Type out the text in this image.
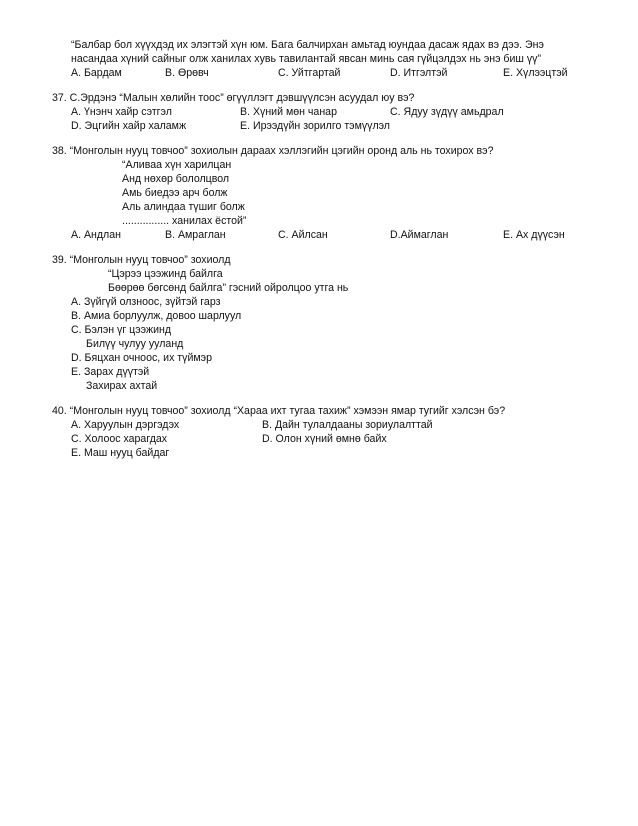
“Балбар бол хүүхдэд их элэгтэй хүн юм. Бага балчирхан амьтад юундаа дасаж ядах вэ дээ. Энэ
насандаа хүний сайныг олж ханилах хувь тавилантай явсан минь сая гүйцэлдэх нь энэ биш үү”
A. Бардам	B. Өрөвч	C. Уйтгартай	D. Итгэлтэй	E. Хүлээцтэй
37. С.Эрдэнэ “Малын хөлийн тоос” өгүүллэгт дэвшүүлсэн асуудал юу вэ?
A. Үнэнч хайр сэтгэл	B. Хүний мөн чанар	C. Ядуу зүдүү амьдрал
D. Эцгийн хайр халамж	E. Ирээдүйн зорилго тэмүүлэл
38. “Монголын нууц товчоо” зохиолын дараах хэллэгийн цэгийн оронд аль нь тохирох вэ?
“Аливаа хүн харилцан
Анд нөхөр бололцвол
Амь биедээ арч болж
Аль алиндаа түшиг болж
................ ханилах ёстой”
A. Андлан	B. Амраглан	C. Айлсан	D.Аймаглан	E. Ах дүүсэн
39. “Монголын нууц товчоо” зохиолд
“Цэрээ цээжинд байлга
Бөөрөө бөгсөнд байлга” гэсний ойролцоо утга нь
A. Зүйгүй олзноос, зүйтэй гарз
B. Амиа борлуулж, довоо шарлуул
C. Бэлэн үг цээжинд
Билүү чулуу ууланд
D. Бяцхан очноос, их түймэр
E. Зарах дүүтэй
Захирах ахтай
40. “Монголын нууц товчоо” зохиолд “Хараа ихт тугаа тахиж” хэмээн ямар тугийг хэлсэн бэ?
A. Харуулын дэргэдэх	B. Дайн тулалдааны зориулалттай
C. Холоос харагдах	D. Олон хүний өмнө байх
E. Маш нууц байдаг
